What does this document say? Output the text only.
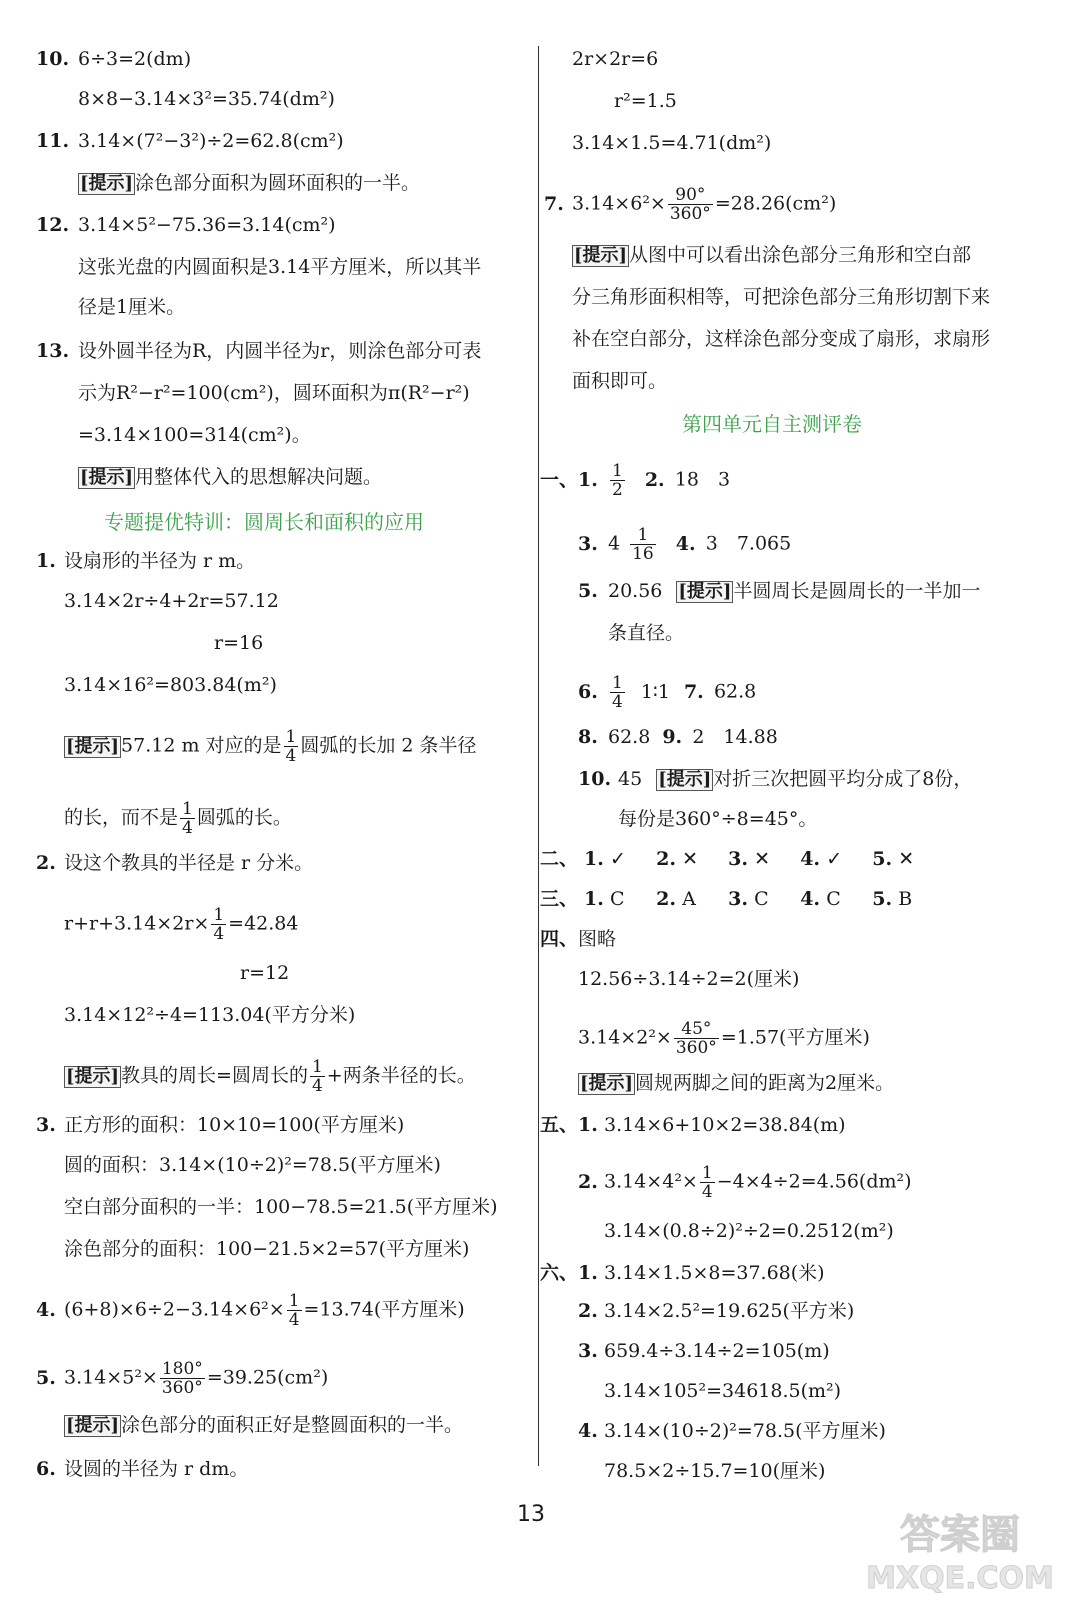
10. 6÷3=2(dm)
8×8−3.14×3²=35.74(dm²)
11. 3.14×(7²−3²)÷2=62.8(cm²)
[提示] 涂色部分面积为圆环面积的一半。
12. 3.14×5²−75.36=3.14(cm²)
这张光盘的内圆面积是3.14平方厘米，所以其半
径是1厘米。
13. 设外圆半径为R，内圆半径为r，则涂色部分可表
示为R²−r²=100(cm²)，圆环面积为π(R²−r²)
=3.14×100=314(cm²)。
[提示] 用整体代入的思想解决问题。
专题提优特训：圆周长和面积的应用
1. 设扇形的半径为 r m。
3.14×2r÷4+2r=57.12
r=16
3.14×16²=803.84(m²)
[提示] 57.12 m 对应的是 $\frac{1}{4}$ 圆弧的长加 2 条半径
的长，而不是 $\frac{1}{4}$ 圆弧的长。
2. 设这个教具的半径是 r 分米。
$r+r+3.14\times 2r\times \frac{1}{4} =42.84$
r=12
3.14×12²÷4=113.04(平方分米)
[提示] 教具的周长=圆周长的 $\frac{1}{4}$ +两条半径的长。
3. 正方形的面积：10×10=100(平方厘米)
圆的面积：3.14×(10÷2)²=78.5(平方厘米)
空白部分面积的一半：100−78.5=21.5(平方厘米)
涂色部分的面积：100−21.5×2=57(平方厘米)
4. $(6+8)\times 6\div 2-3.14\times 6^2\times \frac{1}{4} =13.74$(平方厘米)
5. $3.14\times 5^2\times \frac{180^\circ}{360^\circ} =39.25(cm^2)$
[提示] 涂色部分的面积正好是整圆面积的一半。
6. 设圆的半径为 r dm。
2r×2r=6
r²=1.5
3.14×1.5=4.71(dm²)
7. $3.14\times 6^2\times \frac{90^\circ}{360^\circ} =28.26(cm^2)$
[提示] 从图中可以看出涂色部分三角形和空白部
分三角形面积相等，可把涂色部分三角形切割下来
补在空白部分，这样涂色部分变成了扇形，求扇形
面积即可。
第四单元自主测评卷
一、1. $\frac{1}{2} 2$. 18　3
3. $4 \frac{1}{16} 4$. 3　7.065
5. 20.56 [提示] 半圆周长是圆周长的一半加一
条直径。
6. $\frac{1}{4}$ 1∶1 7. 62.8
8. 62.8 9. 2　14.88
10. 45 [提示] 对折三次把圆平均分成了8份，
每份是360°÷8=45°。
二、 1. ✓ 2. ✕ 3. ✕ 4. ✓ 5. ✕
三、 1. C 2. A 3. C 4. C 5. B
四、图略
12.56÷3.14÷2=2(厘米)
$3.14\times 2^2\times \frac{45^\circ}{360^\circ} =1.57$(平方厘米)
[提示] 圆规两脚之间的距离为2厘米。
五、1. 3.14×6+10×2=38.84(m)
2. $3.14\times 4^2\times \frac{1}{4} -4\times 4\div 2=4.56(dm^2)$
3.14×(0.8÷2)²÷2=0.2512(m²)
六、1. 3.14×1.5×8=37.68(米)
2. 3.14×2.5²=19.625(平方米)
3. 659.4÷3.14÷2=105(m)
3.14×105²=34618.5(m²)
4. 3.14×(10÷2)²=78.5(平方厘米)
78.5×2÷15.7=10(厘米)
13	答案圈
MXQE.COM
